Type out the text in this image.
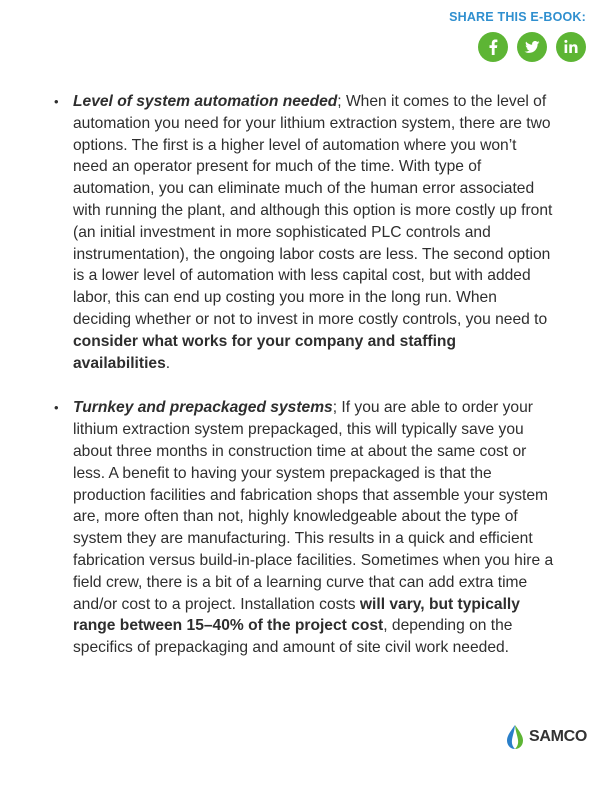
SHARE THIS E-BOOK:
• Level of system automation needed; When it comes to the level of automation you need for your lithium extraction system, there are two options. The first is a higher level of automation where you won’t need an operator present for much of the time. With type of automation, you can eliminate much of the human error associated with running the plant, and although this option is more costly up front (an initial investment in more sophisticated PLC controls and instrumentation), the ongoing labor costs are less. The second option is a lower level of automation with less capital cost, but with added labor, this can end up costing you more in the long run. When deciding whether or not to invest in more costly controls, you need to consider what works for your company and staffing availabilities.
• Turnkey and prepackaged systems; If you are able to order your lithium extraction system prepackaged, this will typically save you about three months in construction time at about the same cost or less. A benefit to having your system prepackaged is that the production facilities and fabrication shops that assemble your system are, more often than not, highly knowledgeable about the type of system they are manufacturing. This results in a quick and efficient fabrication versus build-in-place facilities. Sometimes when you hire a field crew, there is a bit of a learning curve that can add extra time and/or cost to a project. Installation costs will vary, but typically range between 15–40% of the project cost, depending on the specifics of prepackaging and amount of site civil work needed.
SAMCO
